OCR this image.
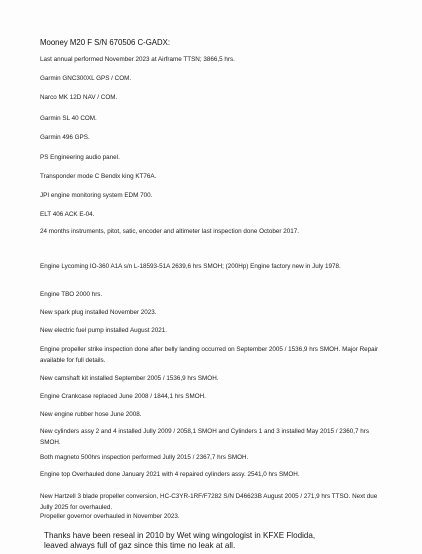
Mooney M20 F S/N 670506 C-GADX:
Last annual performed November 2023 at Airframe TTSN; 3866,5 hrs.
Garmin GNC300XL GPS / COM.
Narco MK 12D NAV / COM.
Garmin SL 40 COM.
Garmin 496 GPS.
PS Engineering audio panel.
Transponder mode C Bendix king KT76A.
JPI engine monitoring system EDM 700.
ELT 406 ACK E-04.
24 months instruments, pitot, satic, encoder and altimeter last inspection done October 2017.
Engine Lycoming IO-360 A1A s/n L-18593-51A 2639,6 hrs SMOH; (200Hp) Engine factory new in July 1978.
Engine TBO 2000 hrs.
New spark plug installed November 2023.
New electric fuel pump installed August 2021.
Engine propeller strike inspection done after belly landing occurred on September 2005 / 1536,9 hrs SMOH. Major Repair available for full details.
New camshaft kit installed September 2005 / 1536,9 hrs SMOH.
Engine Crankcase replaced June 2008 / 1844,1 hrs SMOH.
New engine rubber hose June 2008.
New cylinders assy 2 and 4 installed Jully 2009 / 2058,1 SMOH and Cylinders 1 and 3 installed May 2015 / 2360,7 hrs SMOH.
Both magneto 500hrs inspection performed Jully 2015 / 2367,7 hrs SMOH.
Engine top Overhauled done January 2021 with 4 repaired cylinders assy. 2541,0 hrs SMOH.
New Hartzell 3 blade propeller conversion, HC-C3YR-1RF/F7282 S/N D46623B August 2005 / 271,9 hrs TTSO. Next due Jully 2025 for overhauled.
Propeller governor overhauled in November 2023.
Thanks have been reseal in 2010 by Wet wing wingologist in KFXE Flodida,
leaved always full of gaz since this time no leak at all.
